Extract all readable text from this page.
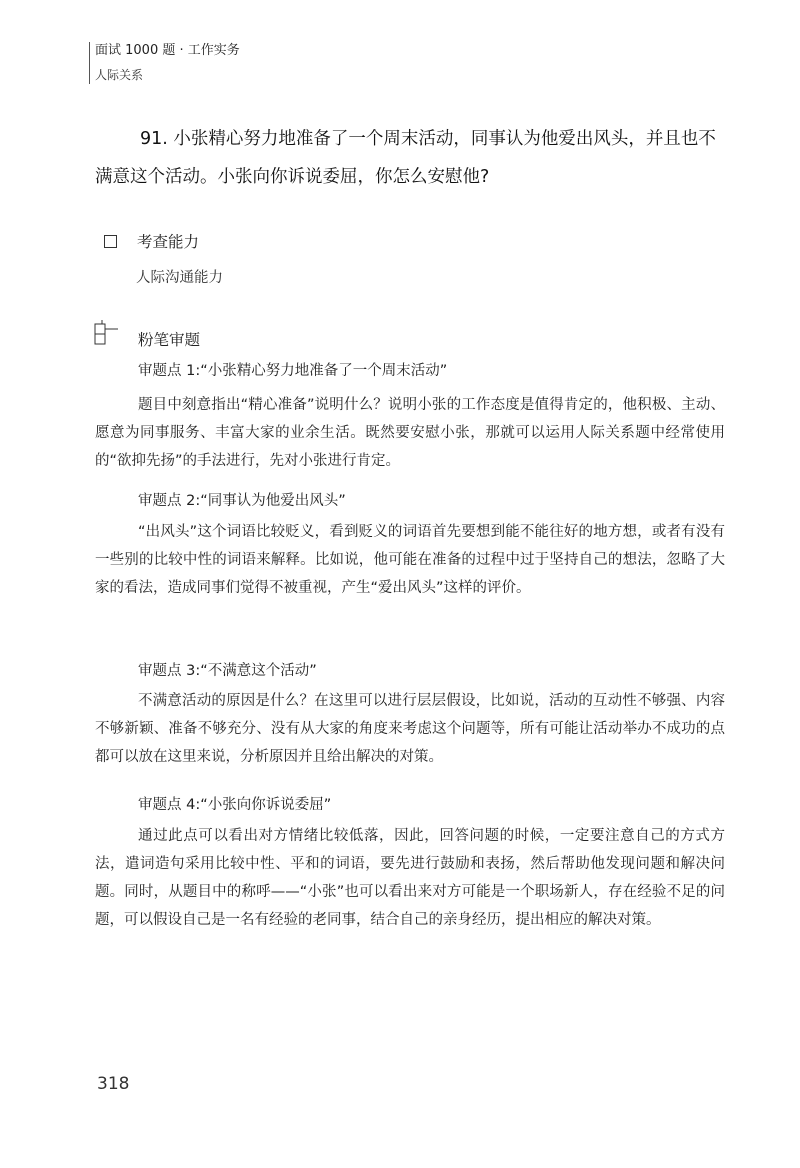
面试 1000 题 · 工作实务
人际关系
91. 小张精心努力地准备了一个周末活动，同事认为他爱出风头，并且也不满意这个活动。小张向你诉说委屈，你怎么安慰他?
考查能力
人际沟通能力
粉笔审题
审题点 1:“小张精心努力地准备了一个周末活动”
题目中刻意指出“精心准备”说明什么？说明小张的工作态度是值得肯定的，他积极、主动、愿意为同事服务、丰富大家的业余生活。既然要安慰小张，那就可以运用人际关系题中经常使用的“欲抑先扬”的手法进行，先对小张进行肯定。
审题点 2:“同事认为他爱出风头”
“出风头”这个词语比较贬义，看到贬义的词语首先要想到能不能往好的地方想，或者有没有一些别的比较中性的词语来解释。比如说，他可能在准备的过程中过于坚持自己的想法，忽略了大家的看法，造成同事们觉得不被重视，产生“爱出风头”这样的评价。
审题点 3:“不满意这个活动”
不满意活动的原因是什么？在这里可以进行层层假设，比如说，活动的互动性不够强、内容不够新颖、准备不够充分、没有从大家的角度来考虑这个问题等，所有可能让活动举办不成功的点都可以放在这里来说，分析原因并且给出解决的对策。
审题点 4:“小张向你诉说委屈”
通过此点可以看出对方情绪比较低落，因此，回答问题的时候，一定要注意自己的方式方法，遣词造句采用比较中性、平和的词语，要先进行鼓励和表扬，然后帮助他发现问题和解决问题。同时，从题目中的称呼——“小张”也可以看出来对方可能是一个职场新人，存在经验不足的问题，可以假设自己是一名有经验的老同事，结合自己的亲身经历，提出相应的解决对策。
318
